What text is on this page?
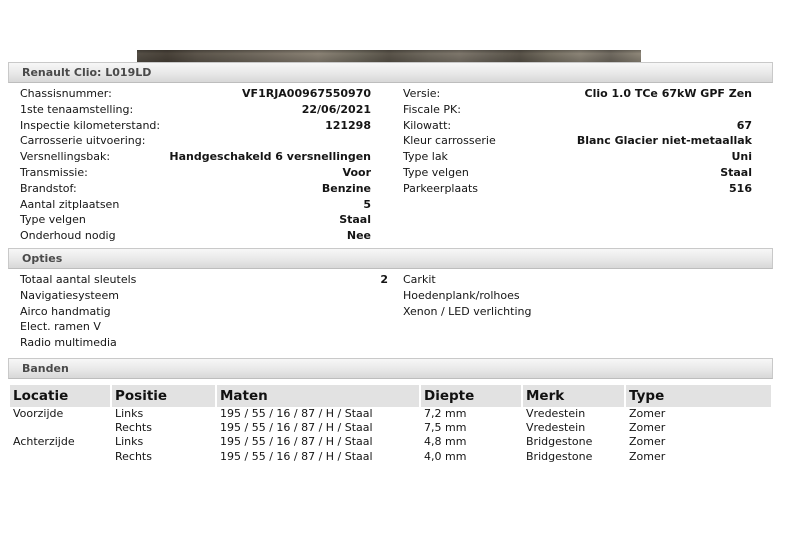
Renault Clio: L019LD
Chassisnummer:	VF1RJA00967550970
1ste tenaamstelling:	22/06/2021
Inspectie kilometerstand:	121298
Carrosserie uitvoering:
Versnellingsbak:	Handgeschakeld 6 versnellingen
Transmissie:	Voor
Brandstof:	Benzine
Aantal zitplaatsen	5
Type velgen	Staal
Onderhoud nodig	Nee
Versie:	Clio 1.0 TCe 67kW GPF Zen
Fiscale PK:
Kilowatt:	67
Kleur carrosserie	Blanc Glacier niet-metaallak
Type lak	Uni
Type velgen	Staal
Parkeerplaats	516
Opties
Totaal aantal sleutels	2
Navigatiesysteem
Airco handmatig
Elect. ramen V
Radio multimedia
Carkit
Hoedenplank/rolhoes
Xenon / LED verlichting
Banden
Locatie	Positie	Maten	Diepte	Merk	Type
Voorzijde	Links	195 / 55 / 16 / 87 / H / Staal	7,2 mm	Vredestein	Zomer
	Rechts	195 / 55 / 16 / 87 / H / Staal	7,5 mm	Vredestein	Zomer
Achterzijde	Links	195 / 55 / 16 / 87 / H / Staal	4,8 mm	Bridgestone	Zomer
	Rechts	195 / 55 / 16 / 87 / H / Staal	4,0 mm	Bridgestone	Zomer
